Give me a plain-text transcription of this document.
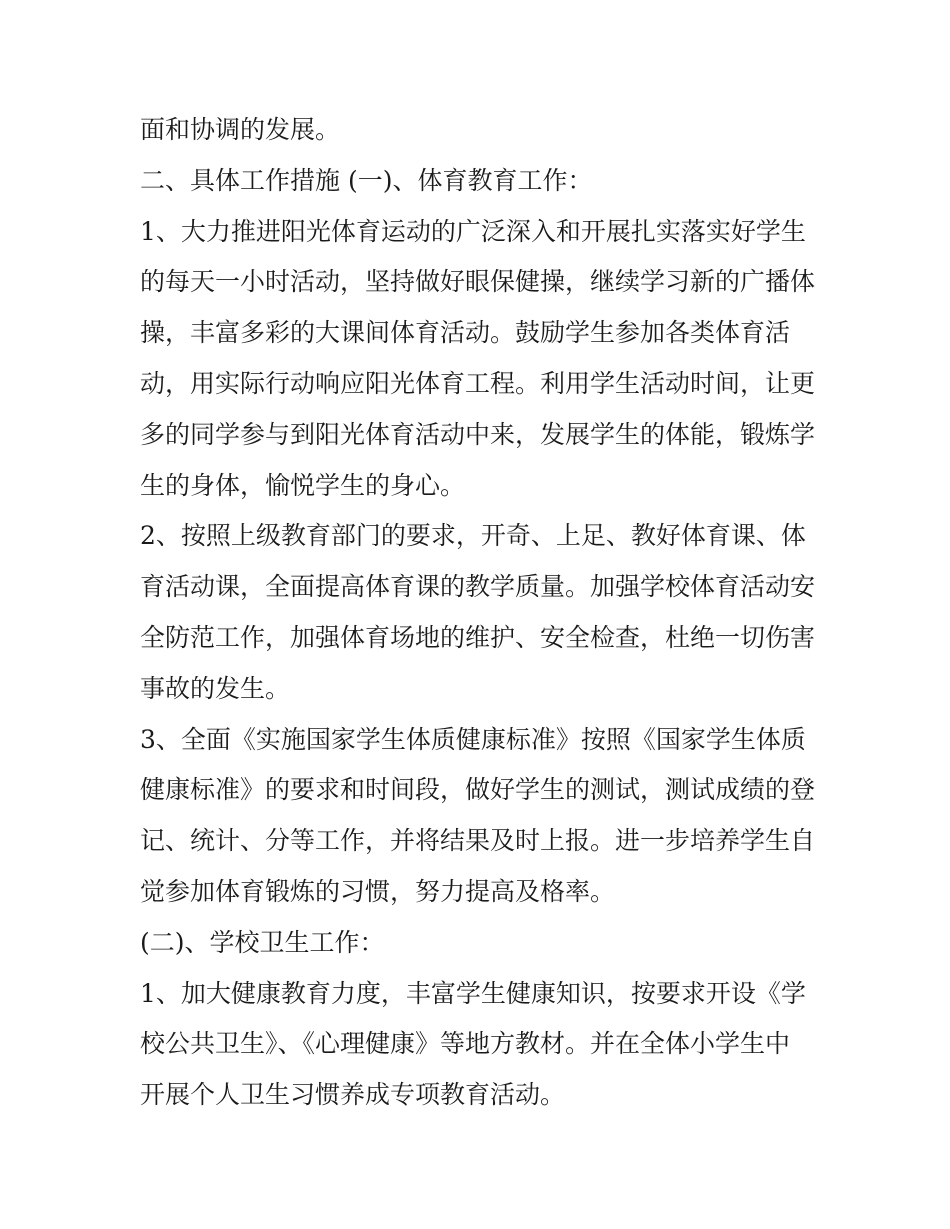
面和协调的发展。
二、具体工作措施 (一)、体育教育工作：
1、大力推进阳光体育运动的广泛深入和开展扎实落实好学生
的每天一小时活动，坚持做好眼保健操，继续学习新的广播体
操，丰富多彩的大课间体育活动。鼓励学生参加各类体育活
动，用实际行动响应阳光体育工程。利用学生活动时间，让更
多的同学参与到阳光体育活动中来，发展学生的体能，锻炼学
生的身体，愉悦学生的身心。
2、按照上级教育部门的要求，开奇、上足、教好体育课、体
育活动课，全面提高体育课的教学质量。加强学校体育活动安
全防范工作，加强体育场地的维护、安全检查，杜绝一切伤害
事故的发生。
3、全面《实施国家学生体质健康标准》按照《国家学生体质
健康标准》的要求和时间段，做好学生的测试，测试成绩的登
记、统计、分等工作，并将结果及时上报。进一步培养学生自
觉参加体育锻炼的习惯，努力提高及格率。
(二)、学校卫生工作：
1、加大健康教育力度，丰富学生健康知识，按要求开设《学
校公共卫生》、《心理健康》等地方教材。并在全体小学生中
开展个人卫生习惯养成专项教育活动。
